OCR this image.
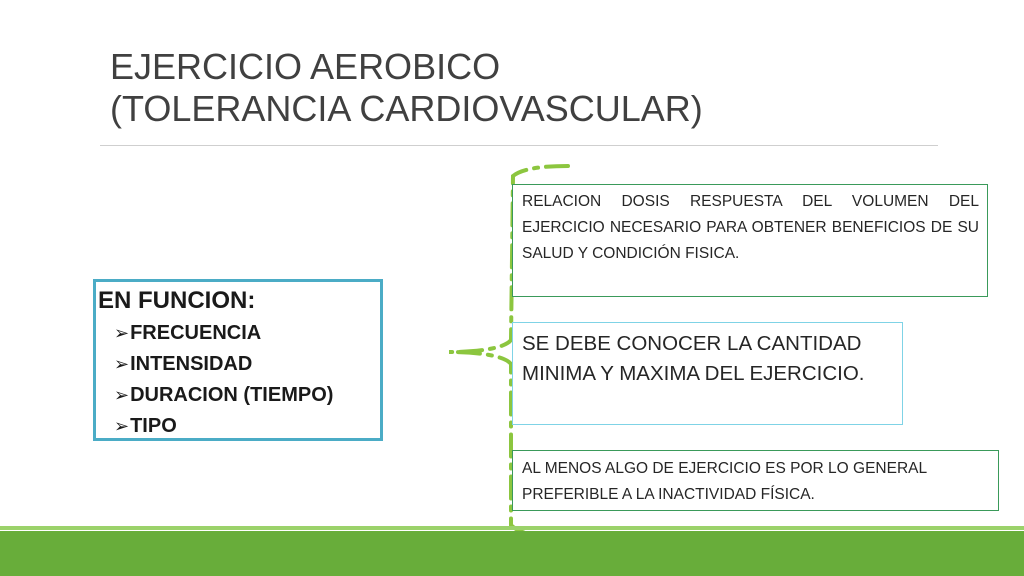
EJERCICIO AEROBICO
(TOLERANCIA CARDIOVASCULAR)
EN FUNCION:
➢FRECUENCIA
➢INTENSIDAD
➢DURACION (TIEMPO)
➢TIPO
RELACION DOSIS RESPUESTA DEL VOLUMEN DEL EJERCICIO NECESARIO PARA OBTENER BENEFICIOS DE SU SALUD Y CONDICIÓN FISICA.
SE DEBE CONOCER LA CANTIDAD MINIMA Y MAXIMA DEL EJERCICIO.
AL MENOS ALGO DE EJERCICIO ES POR LO GENERAL PREFERIBLE A LA INACTIVIDAD FÍSICA.
